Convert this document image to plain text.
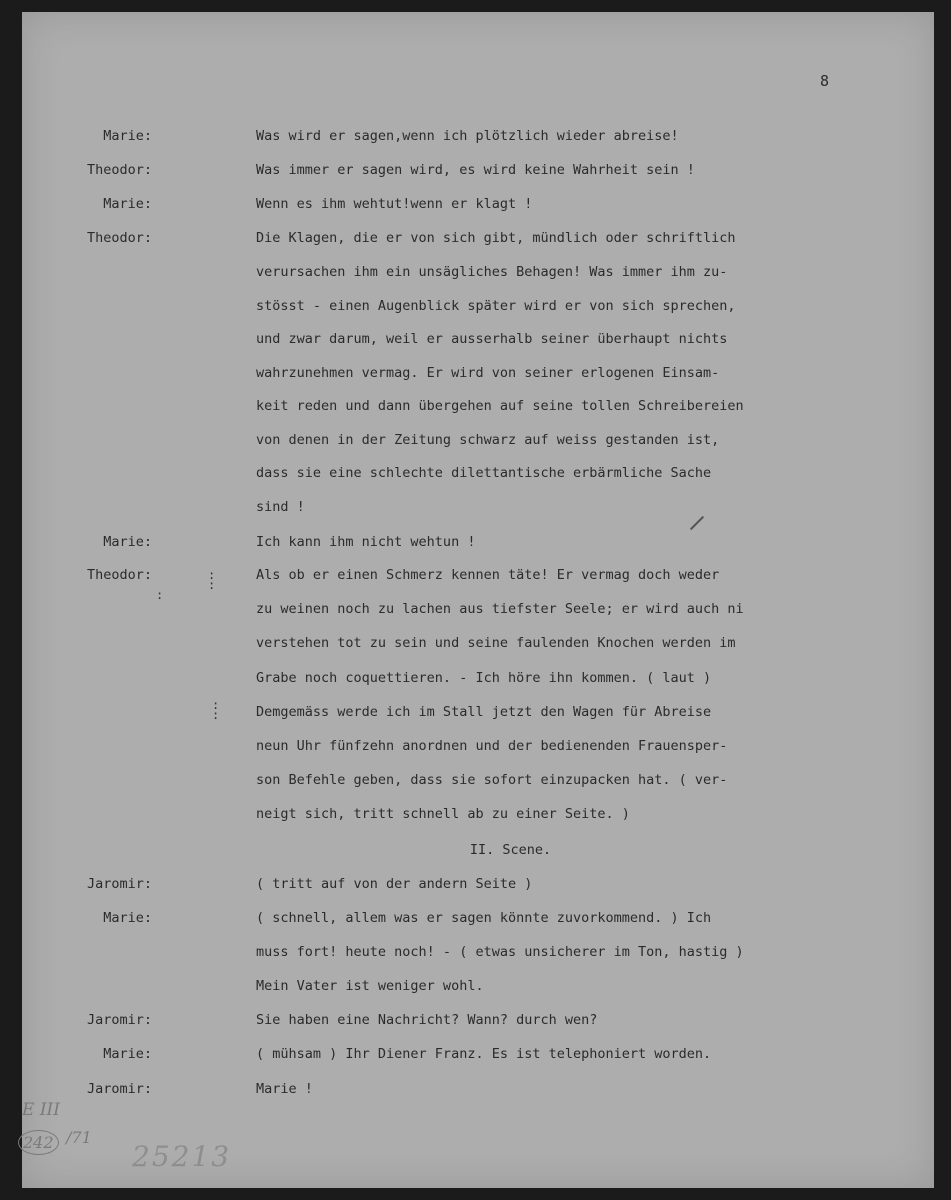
8
Marie:	Was wird er sagen,wenn ich plötzlich wieder abreise!
Theodor:	Was immer er sagen wird, es wird keine Wahrheit sein !
Marie:	Wenn es ihm wehtut!wenn er klagt !
Theodor:	Die Klagen, die er von sich gibt, mündlich oder schriftlich
verursachen ihm ein unsägliches Behagen! Was immer ihm zu-
stösst - einen Augenblick später wird er von sich sprechen,
und zwar darum, weil er ausserhalb seiner überhaupt nichts
wahrzunehmen vermag. Er wird von seiner erlogenen Einsam-
keit reden und dann übergehen auf seine tollen Schreibereien
von denen in der Zeitung schwarz auf weiss gestanden ist,
dass sie eine schlechte dilettantische erbärmliche Sache
sind !
Marie:	Ich kann ihm nicht wehtun !
Theodor:	Als ob er einen Schmerz kennen täte! Er vermag doch weder
zu weinen noch zu lachen aus tiefster Seele; er wird auch ni
verstehen tot zu sein und seine faulenden Knochen werden im
Grabe noch coquettieren. - Ich höre ihn kommen. ( laut )
Demgemäss werde ich im Stall jetzt den Wagen für Abreise
neun Uhr fünfzehn anordnen und der bedienenden Frauensper-
son Befehle geben, dass sie sofort einzupacken hat. ( ver-
neigt sich, tritt schnell ab zu einer Seite. )
II. Scene.
Jaromir:	( tritt auf von der andern Seite )
Marie:	( schnell, allem was er sagen könnte zuvorkommend. ) Ich
muss fort! heute noch! - ( etwas unsicherer im Ton, hastig )
Mein Vater ist weniger wohl.
Jaromir:	Sie haben eine Nachricht? Wann? durch wen?
Marie:	( mühsam ) Ihr Diener Franz. Es ist telephoniert worden.
Jaromir:	Marie !
:
:
:
:
:
E III
242 /71
25213
